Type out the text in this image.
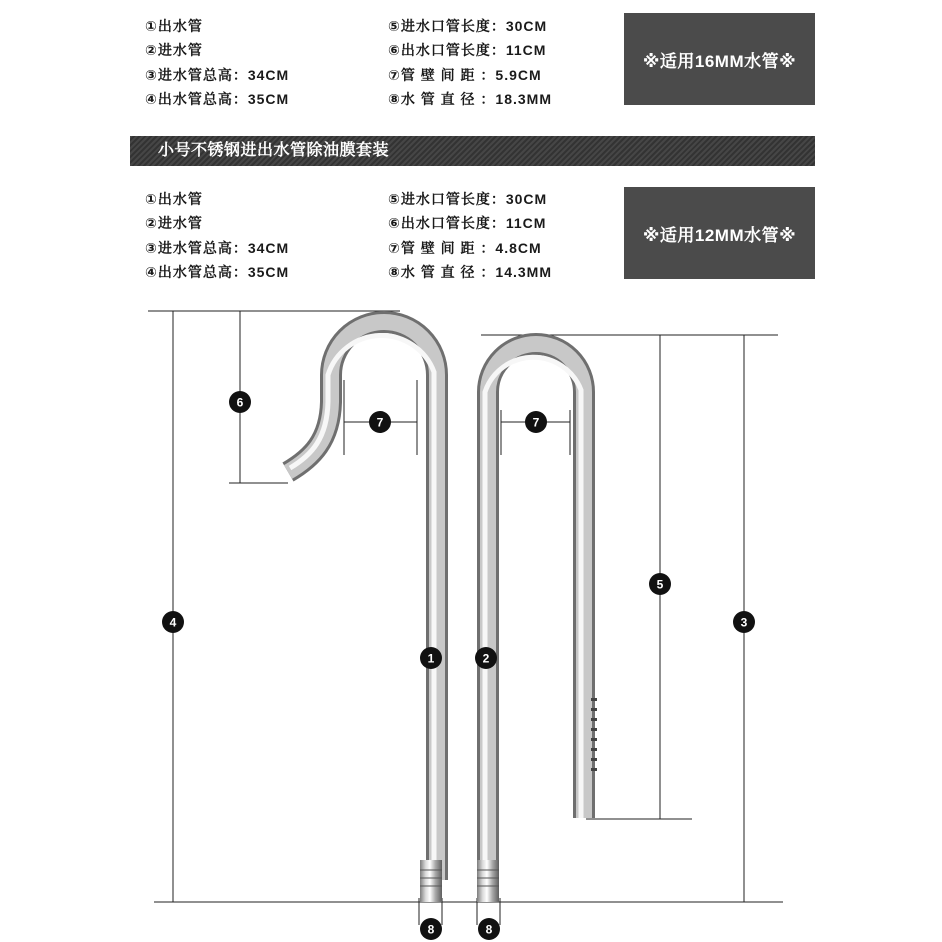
①出水管
②进水管
③进水管总高：34CM
④出水管总高：35CM
⑤进水口管长度：30CM
⑥出水口管长度：11CM
⑦管 壁 间 距 ：5.9CM
⑧水 管 直 径 ：18.3MM
※适用16MM水管※
小号不锈钢进出水管除油膜套装
①出水管
②进水管
③进水管总高：34CM
④出水管总高：35CM
⑤进水口管长度：30CM
⑥出水口管长度：11CM
⑦管 壁 间 距 ：4.8CM
⑧水 管 直 径 ：14.3MM
※适用12MM水管※
1	2
3
4
5
6
7	7
8	8
